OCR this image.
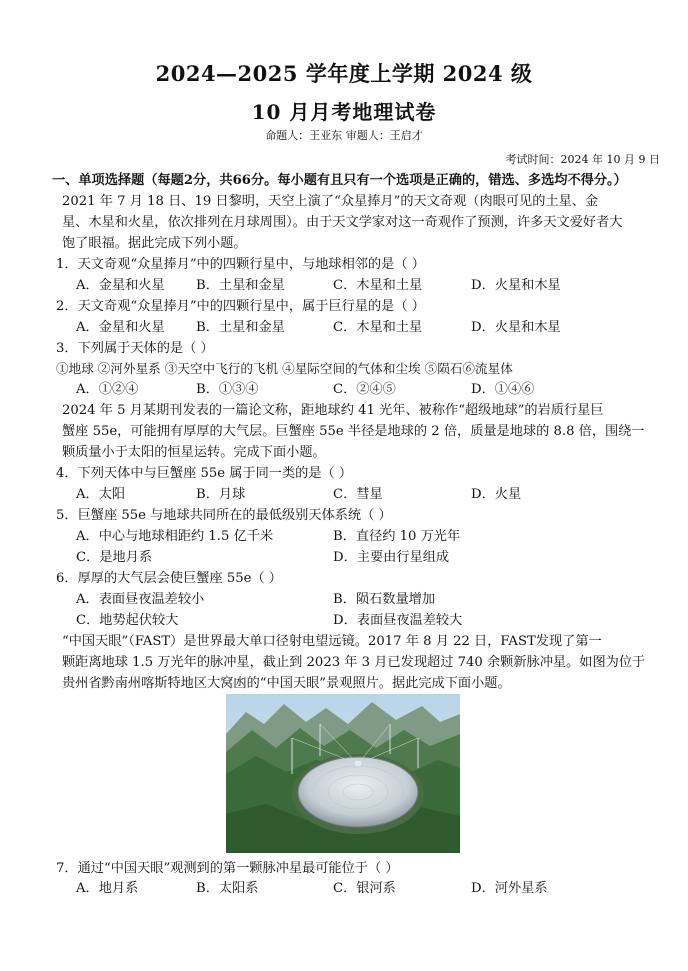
2024—2025 学年度上学期 2024 级
10 月月考地理试卷
命题人：王亚东 审题人：王启才
考试时间：2024 年 10 月 9 日
一、单项选择题（每题2分，共66分。每小题有且只有一个选项是正确的，错选、多选均不得分。）
2021 年 7 月 18 日、19 日黎明，天空上演了“众星捧月”的天文奇观（肉眼可见的土星、金
星、木星和火星，依次排列在月球周围）。由于天文学家对这一奇观作了预测，许多天文爱好者大
饱了眼福。据此完成下列小题。
1．天文奇观“众星捧月”中的四颗行星中，与地球相邻的是（ ）
A．金星和火星 B．土星和金星	C．木星和土星	D．火星和木星
2．天文奇观“众星捧月”中的四颗行星中，属于巨行星的是（ ）
A．金星和火星 B．土星和金星	C．木星和土星	D．火星和木星
3．下列属于天体的是（ ）
①地球 ②河外星系 ③天空中飞行的飞机 ④星际空间的气体和尘埃 ⑤陨石⑥流星体
A．①②④	B．①③④	C．②④⑤	D．①④⑥
2024 年 5 月某期刊发表的一篇论文称，距地球约 41 光年、被称作“超级地球”的岩质行星巨
蟹座 55e，可能拥有厚厚的大气层。巨蟹座 55e 半径是地球的 2 倍，质量是地球的 8.8 倍，围绕一
颗质量小于太阳的恒星运转。完成下面小题。
4．下列天体中与巨蟹座 55e 属于同一类的是（ ）
A．太阳	B．月球	C．彗星	D．火星
5．巨蟹座 55e 与地球共同所在的最低级别天体系统（ ）
A．中心与地球相距约 1.5 亿千米	B．直径约 10 万光年
C．是地月系	D．主要由行星组成
6．厚厚的大气层会使巨蟹座 55e（ ）
A．表面昼夜温差较小	B．陨石数量增加
C．地势起伏较大	D．表面昼夜温差较大
“中国天眼”（FAST）是世界最大单口径射电望远镜。2017 年 8 月 22 日，FAST发现了第一
颗距离地球 1.5 万光年的脉冲星，截止到 2023 年 3 月已发现超过 740 余颗新脉冲星。如图为位于
贵州省黔南州喀斯特地区大窝凼的“中国天眼”景观照片。据此完成下面小题。
7．通过“中国天眼”观测到的第一颗脉冲星最可能位于（ ）
A．地月系	B．太阳系	C．银河系	D．河外星系
